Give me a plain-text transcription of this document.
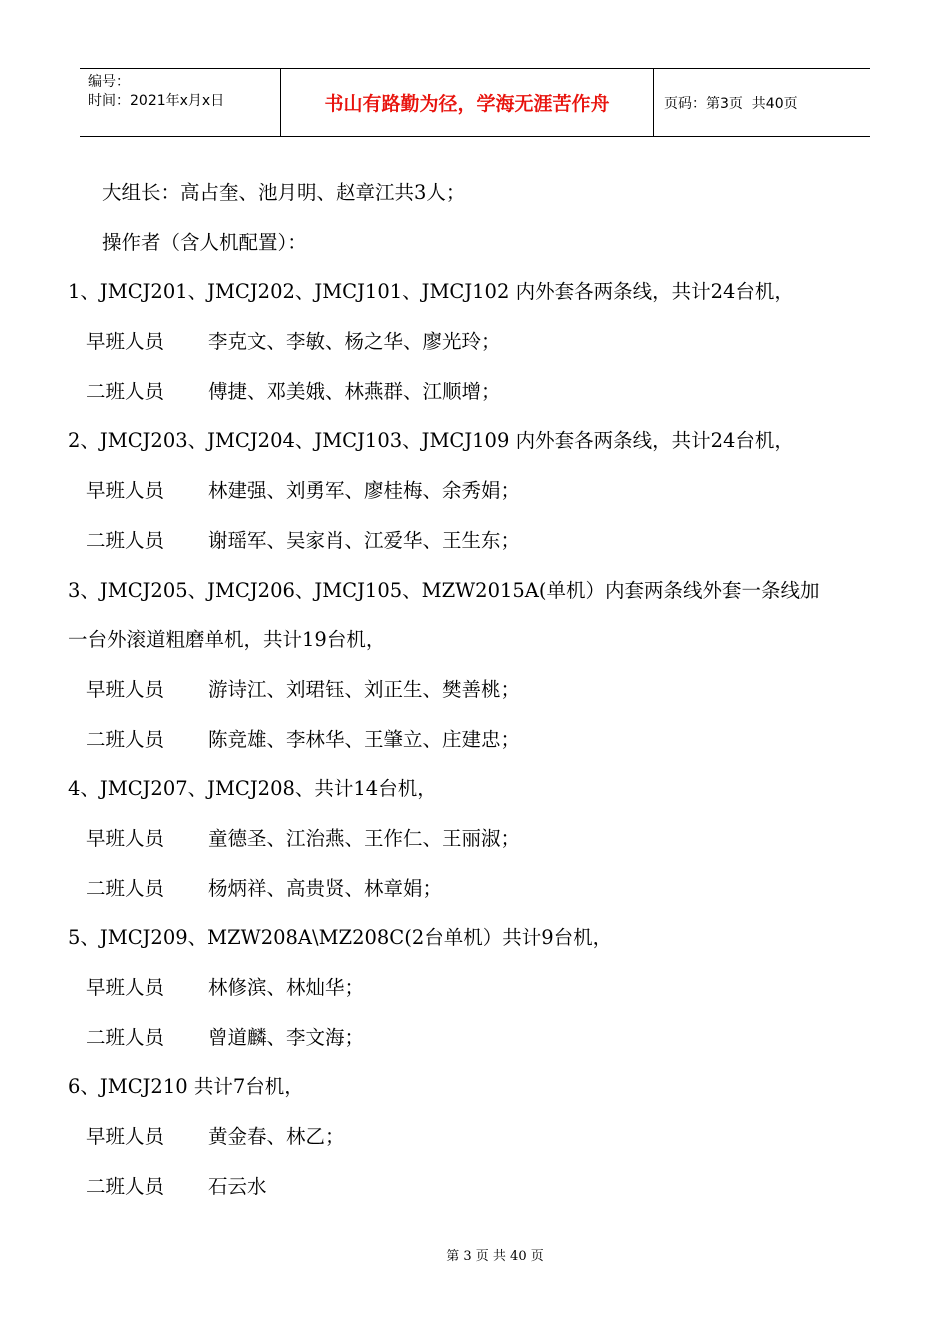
编号：
时间：2021年x月x日	书山有路勤为径，学海无涯苦作舟	页码：第3页  共40页
大组长：高占奎、池月明、赵章江共3人；
操作者（含人机配置）：
1、JMCJ201、JMCJ202、JMCJ101、JMCJ102 内外套各两条线，共计24台机，
早班人员 李克文、李敏、杨之华、廖光玲；
二班人员 傅捷、邓美娥、林燕群、江顺增；
2、JMCJ203、JMCJ204、JMCJ103、JMCJ109 内外套各两条线，共计24台机，
早班人员 林建强、刘勇军、廖桂梅、余秀娟；
二班人员 谢瑶军、吴家肖、江爱华、王生东；
3、JMCJ205、JMCJ206、JMCJ105、MZW2015A(单机）内套两条线外套一条线加
一台外滚道粗磨单机，共计19台机，
早班人员 游诗江、刘珺钰、刘正生、樊善桃；
二班人员 陈竞雄、李林华、王肇立、庄建忠；
4、JMCJ207、JMCJ208、共计14台机，
早班人员 童德圣、江治燕、王作仁、王丽淑；
二班人员 杨炳祥、高贵贤、林章娟；
5、JMCJ209、MZW208A\MZ208C(2台单机）共计9台机，
早班人员 林修滨、林灿华；
二班人员 曾道麟、李文海；
6、JMCJ210 共计7台机，
早班人员 黄金春、林乙；
二班人员 石云水
第 3 页 共 40 页
